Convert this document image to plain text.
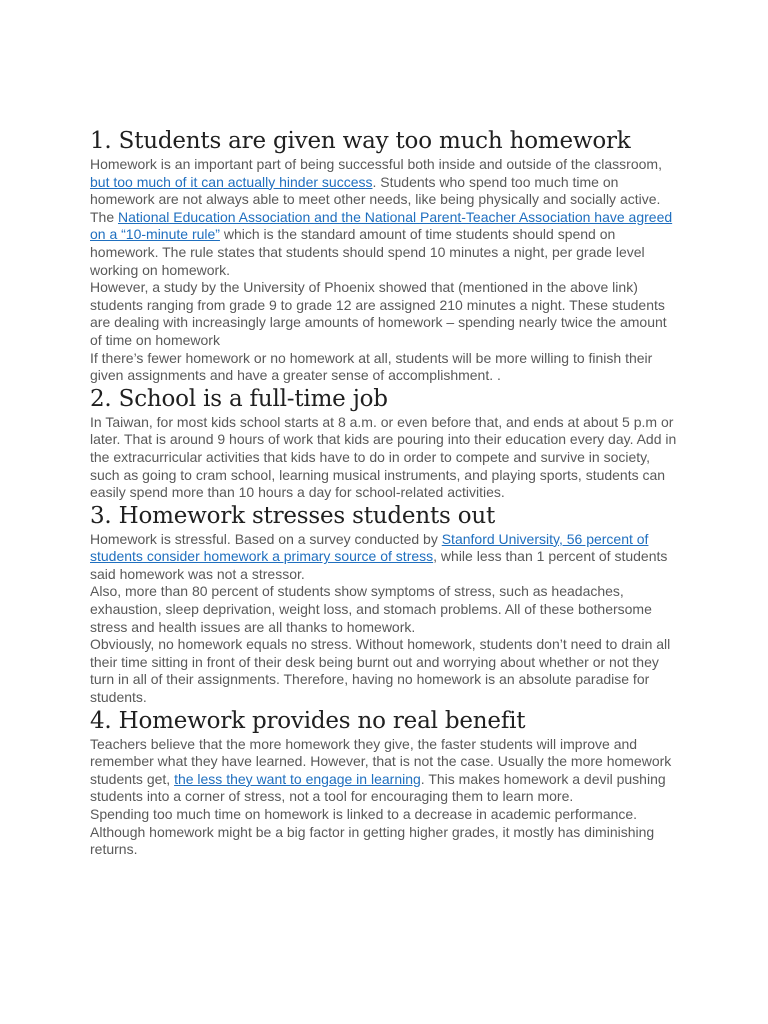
1. Students are given way too much homework

Homework is an important part of being successful both inside and outside of the classroom, but too much of it can actually hinder success. Students who spend too much time on homework are not always able to meet other needs, like being physically and socially active.

The National Education Association and the National Parent-Teacher Association have agreed on a “10-minute rule” which is the standard amount of time students should spend on homework. The rule states that students should spend 10 minutes a night, per grade level working on homework.

However, a study by the University of Phoenix showed that (mentioned in the above link) students ranging from grade 9 to grade 12 are assigned 210 minutes a night. These students are dealing with increasingly large amounts of homework – spending nearly twice the amount of time on homework

If there’s fewer homework or no homework at all, students will be more willing to finish their given assignments and have a greater sense of accomplishment. .

2. School is a full-time job

In Taiwan, for most kids school starts at 8 a.m. or even before that, and ends at about 5 p.m or later. That is around 9 hours of work that kids are pouring into their education every day. Add in the extracurricular activities that kids have to do in order to compete and survive in society, such as going to cram school, learning musical instruments, and playing sports, students can easily spend more than 10 hours a day for school-related activities.

3. Homework stresses students out

Homework is stressful. Based on a survey conducted by Stanford University, 56 percent of students consider homework a primary source of stress, while less than 1 percent of students said homework was not a stressor.

Also, more than 80 percent of students show symptoms of stress, such as headaches, exhaustion, sleep deprivation, weight loss, and stomach problems. All of these bothersome stress and health issues are all thanks to homework.

Obviously, no homework equals no stress. Without homework, students don’t need to drain all their time sitting in front of their desk being burnt out and worrying about whether or not they turn in all of their assignments. Therefore, having no homework is an absolute paradise for students.

4. Homework provides no real benefit

Teachers believe that the more homework they give, the faster students will improve and remember what they have learned. However, that is not the case. Usually the more homework students get, the less they want to engage in learning. This makes homework a devil pushing students into a corner of stress, not a tool for encouraging them to learn more.

Spending too much time on homework is linked to a decrease in academic performance. Although homework might be a big factor in getting higher grades, it mostly has diminishing returns.
